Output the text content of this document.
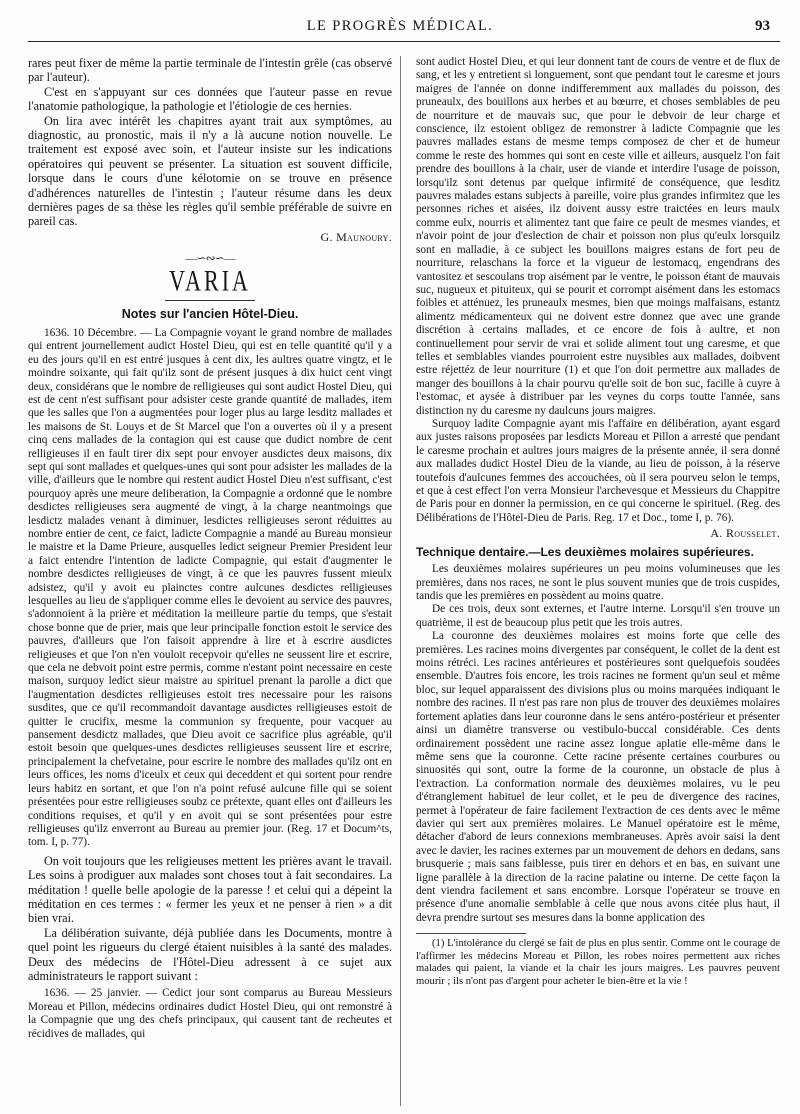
LE PROGRÈS MÉDICAL.	93

rares peut fixer de même la partie terminale de l'intestin grêle (cas observé par l'auteur).

C'est en s'appuyant sur ces données que l'auteur passe en revue l'anatomie pathologique, la pathologie et l'étiologie de ces hernies.

On lira avec intérêt les chapitres ayant trait aux symptômes, au diagnostic, au pronostic, mais il n'y a là aucune notion nouvelle. Le traitement est exposé avec soin, et l'auteur insiste sur les indications opératoires qui peuvent se présenter. La situation est souvent difficile, lorsque dans le cours d'une kélotomie on se trouve en présence d'adhérences naturelles de l'intestin ; l'auteur résume dans les deux dernières pages de sa thèse les règles qu'il semble préférable de suivre en pareil cas.

G. Maunoury.
—∽∾∽—
VARIA
Notes sur l'ancien Hôtel-Dieu.

1636. 10 Décembre. — La Compagnie voyant le grand nombre de mallades qui entrent journellement audict Hostel Dieu, qui est en telle quantité qu'il y a eu des jours qu'il en est entré jusques à cent dix, les aultres quatre vingtz, et le moindre soixante, qui fait qu'ilz sont de présent jusques à dix huict cent vingt deux, considérans que le nombre de relligieuses qui sont audict Hostel Dieu, qui est de cent n'est suffisant pour adsister ceste grande quantité de mallades, item que les salles que l'on a augmentées pour loger plus au large lesditz mallades et les maisons de St. Louys et de St Marcel que l'on a ouvertes où il y a present cinq cens mallades de la contagion qui est cause que dudict nombre de cent relligieuses il en fault tirer dix sept pour envoyer ausdictes deux maisons, dix sept qui sont mallades et quelques-unes qui sont pour adsister les mallades de la ville, d'ailleurs que le nombre qui restent audict Hostel Dieu n'est suffisant, c'est pourquoy après une meure deliberation, la Compagnie a ordonné que le nombre desdictes relligieuses sera augmenté de vingt, à la charge neantmoings que lesdictz malades venant à diminuer, lesdictes relligieuses seront réduittes au nombre entier de cent, ce faict, ladicte Compagnie a mandé au Bureau monsieur le maistre et la Dame Prieure, ausquelles ledict seigneur Premier President leur a faict entendre l'intention de ladicte Compagnie, qui estait d'augmenter le nombre desdictes relligieuses de vingt, à ce que les pauvres fussent mieulx adsistez, qu'il y avoit eu plainctes contre aulcunes desdictes relligieuses lesquelles au lieu de s'appliquer comme elles le devoient au service des pauvres, s'adonnoient à la prière et méditation la meilleure partie du temps, que s'estait chose bonne que de prier, mais que leur principalle fonction estoit le service des pauvres, d'ailleurs que l'on faisoit apprendre à lire et à escrire ausdictes religieuses et que l'on n'en vouloit recepvoir qu'elles ne seussent lire et escrire, que cela ne debvoit point estre permis, comme n'estant point necessaire en ceste maison, surquoy ledict sieur maistre au spirituel prenant la parolle a dict que l'augmentation desdictes relligieuses estoit tres necessaire pour les raisons susdites, que ce qu'il recommandoit davantage ausdictes relligieuses estoit de quitter le crucifix, mesme la communion sy frequente, pour vacquer au pansement desdictz mallades, que Dieu avoit ce sacrifice plus agréable, qu'il estoit besoin que quelques-unes desdictes relligieuses seussent lire et escrire, principalement la chefvetaine, pour escrire le nombre des mallades qu'ilz ont en leurs offices, les noms d'iceulx et ceux qui deceddent et qui sortent pour rendre leurs habitz en sortant, et que l'on n'a point refusé aulcune fille qui se soient présentées pour estre relligieuses soubz ce prétexte, quant elles ont d'ailleurs les conditions requises, et qu'il y en avoit qui se sont présentées pour estre relligieuses qu'ilz enverront au Bureau au premier jour. (Reg. 17 et Docum^ts, tom. I, p. 77).

On voit toujours que les religieuses mettent les prières avant le travail. Les soins à prodiguer aux malades sont choses tout à fait secondaires. La méditation ! quelle belle apologie de la paresse ! et celui qui a dépeint la méditation en ces termes : « fermer les yeux et ne penser à rien » a dit bien vrai.

La délibération suivante, déjà publiée dans les Documents, montre à quel point les rigueurs du clergé étaient nuisibles à la santé des malades. Deux des médecins de l'Hôtel-Dieu adressent à ce sujet aux administrateurs le rapport suivant :

1636. — 25 janvier. — Cedict jour sont comparus au Bureau Messieurs Moreau et Pillon, médecins ordinaires dudict Hostel Dieu, qui ont remonstré à la Compagnie que ung des chefs principaux, qui causent tant de recheutes et récidives de mallades, qui

sont audict Hostel Dieu, et qui leur donnent tant de cours de ventre et de flux de sang, et les y entretient si longuement, sont que pendant tout le caresme et jours maigres de l'année on donne indifferemment aux mallades du poisson, des pruneaulx, des bouillons aux herbes et au bœurre, et choses semblables de peu de nourriture et de mauvais suc, que pour le debvoir de leur charge et conscience, ilz estoient obligez de remonstrer à ladicte Compagnie que les pauvres mallades estans de mesme temps composez de cher et de humeur comme le reste des hommes qui sont en ceste ville et ailleurs, ausquelz l'on fait prendre des bouillons à la chair, user de viande et interdire l'usage de poisson, lorsqu'ilz sont detenus par quelque infirmité de conséquence, que lesditz pauvres malades estans subjects à pareille, voire plus grandes infirmitez que les personnes riches et aisées, ilz doivent aussy estre traictées en leurs maulx comme eulx, nourris et alimentez tant que faire ce peult de mesmes viandes, et n'avoir point de jour d'eslection de chair et poisson non plus qu'eulx lorsquilz sont en malladie, à ce subject les bouillons maigres estans de fort peu de nourriture, relaschans la force et la vigueur de lestomacq, engendrans des vantositez et sescoulans trop aisément par le ventre, le poisson étant de mauvais suc, nugueux et pituiteux, qui se pourit et corrompt aisément dans les estomacs foibles et atténuez, les pruneaulx mesmes, bien que moings malfaisans, estantz alimentz médicamenteux qui ne doivent estre donnez que avec une grande discrétion à certains mallades, et ce encore de fois à aultre, et non continuellement pour servir de vrai et solide aliment tout ung caresme, et que telles et semblables viandes pourroient estre nuysibles aux mallades, doibvent estre réjettéz de leur nourriture (1) et que l'on doit permettre aux mallades de manger des bouillons à la chair pourvu qu'elle soit de bon suc, facille à cuyre à l'estomac, et aysée à distribuer par les veynes du corps toutte l'année, sans distinction ny du caresme ny daulcuns jours maigres.

Surquoy ladite Compagnie ayant mis l'affaire en délibération, ayant esgard aux justes raisons proposées par lesdicts Moreau et Pillon a arresté que pendant le caresme prochain et aultres jours maigres de la présente année, il sera donné aux mallades dudict Hostel Dieu de la viande, au lieu de poisson, à la réserve toutefois d'aulcunes femmes des accouchées, où il sera pourveu selon le temps, et que à cest effect l'on verra Monsieur l'archevesque et Messieurs du Chappitre de Paris pour en donner la permission, en ce qui concerne le spirituel. (Reg. des Délibérations de l'Hôtel-Dieu de Paris. Reg. 17 et Doc., tome I, p. 76).

A. Rousselet.
Technique dentaire.—Les deuxièmes molaires supérieures.

Les deuxièmes molaires supérieures un peu moins volumineuses que les premières, dans nos races, ne sont le plus souvent munies que de trois cuspides, tandis que les premières en possèdent au moins quatre.

De ces trois, deux sont externes, et l'autre interne. Lorsqu'il s'en trouve un quatrième, il est de beaucoup plus petit que les trois autres.

La couronne des deuxièmes molaires est moins forte que celle des premières. Les racines moins divergentes par conséquent, le collet de la dent est moins rétréci. Les racines antérieures et postérieures sont quelquefois soudées ensemble. D'autres fois encore, les trois racines ne forment qu'un seul et même bloc, sur lequel apparaissent des divisions plus ou moins marquées indiquant le nombre des racines. Il n'est pas rare non plus de trouver des deuxièmes molaires fortement aplaties dans leur couronne dans le sens antéro-postérieur et présenter ainsi un diamètre transverse ou vestibulo-buccal considérable. Ces dents ordinairement possèdent une racine assez longue aplatie elle-même dans le même sens que la couronne. Cette racine présente certaines courbures ou sinuosités qui sont, outre la forme de la couronne, un obstacle de plus à l'extraction. La conformation normale des deuxièmes molaires, vu le peu d'étranglement habituel de leur collet, et le peu de divergence des racines, permet à l'opérateur de faire facilement l'extraction de ces dents avec le même davier qui sert aux premières molaires. Le Manuel opératoire est le même, détacher d'abord de leurs connexions membraneuses. Après avoir saisi la dent avec le davier, les racines externes par un mouvement de dehors en dedans, sans brusquerie ; mais sans faiblesse, puis tirer en dehors et en bas, en suivant une ligne parallèle à la direction de la racine palatine ou interne. De cette façon la dent viendra facilement et sans encombre. Lorsque l'opérateur se trouve en présence d'une anomalie semblable à celle que nous avons citée plus haut, il devra prendre surtout ses mesures dans la bonne application des

(1) L'intolérance du clergé se fait de plus en plus sentir. Comme ont le courage de l'affirmer les médecins Moreau et Pillon, les robes noires permettent aux riches malades qui paient, la viande et la chair les jours maigres. Les pauvres peuvent mourir ; ils n'ont pas d'argent pour acheter le bien-être et la vie !
